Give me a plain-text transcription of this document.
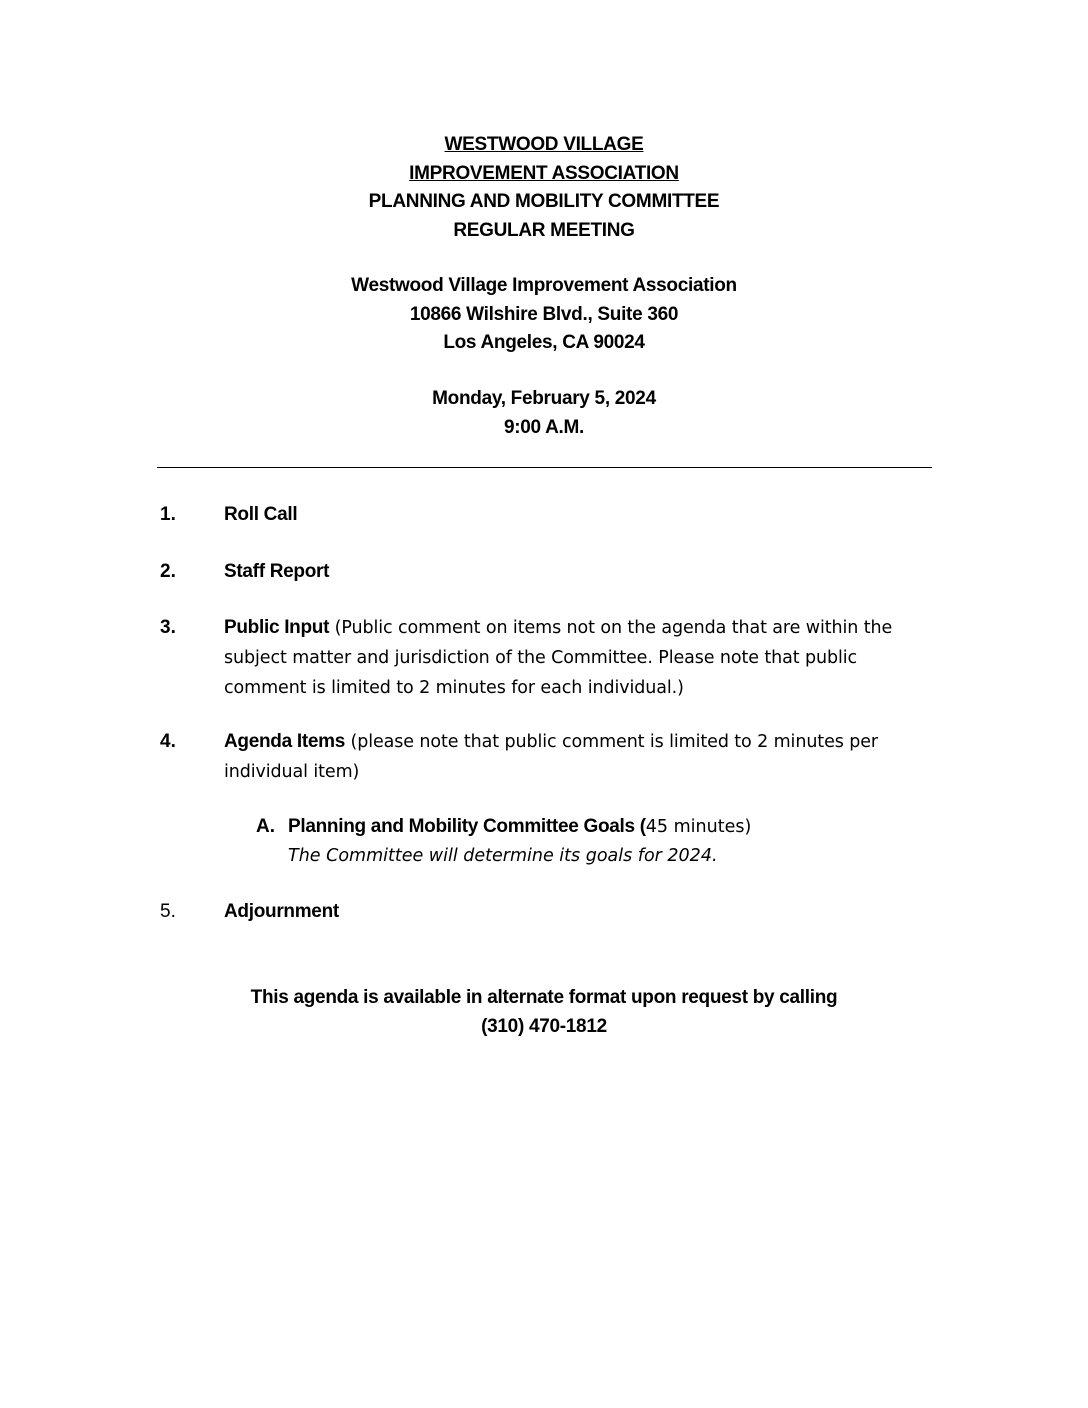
WESTWOOD VILLAGE
IMPROVEMENT ASSOCIATION
PLANNING AND MOBILITY COMMITTEE
REGULAR MEETING
Westwood Village Improvement Association
10866 Wilshire Blvd., Suite 360
Los Angeles, CA 90024
Monday, February 5, 2024
9:00 A.M.
1.	Roll Call
2.	Staff Report
3.	Public Input (Public comment on items not on the agenda that are within the subject matter and jurisdiction of the Committee. Please note that public comment is limited to 2 minutes for each individual.)
4.	Agenda Items (please note that public comment is limited to 2 minutes per individual item)
A. Planning and Mobility Committee Goals (45 minutes)
The Committee will determine its goals for 2024.
5.	Adjournment
This agenda is available in alternate format upon request by calling
(310) 470-1812
